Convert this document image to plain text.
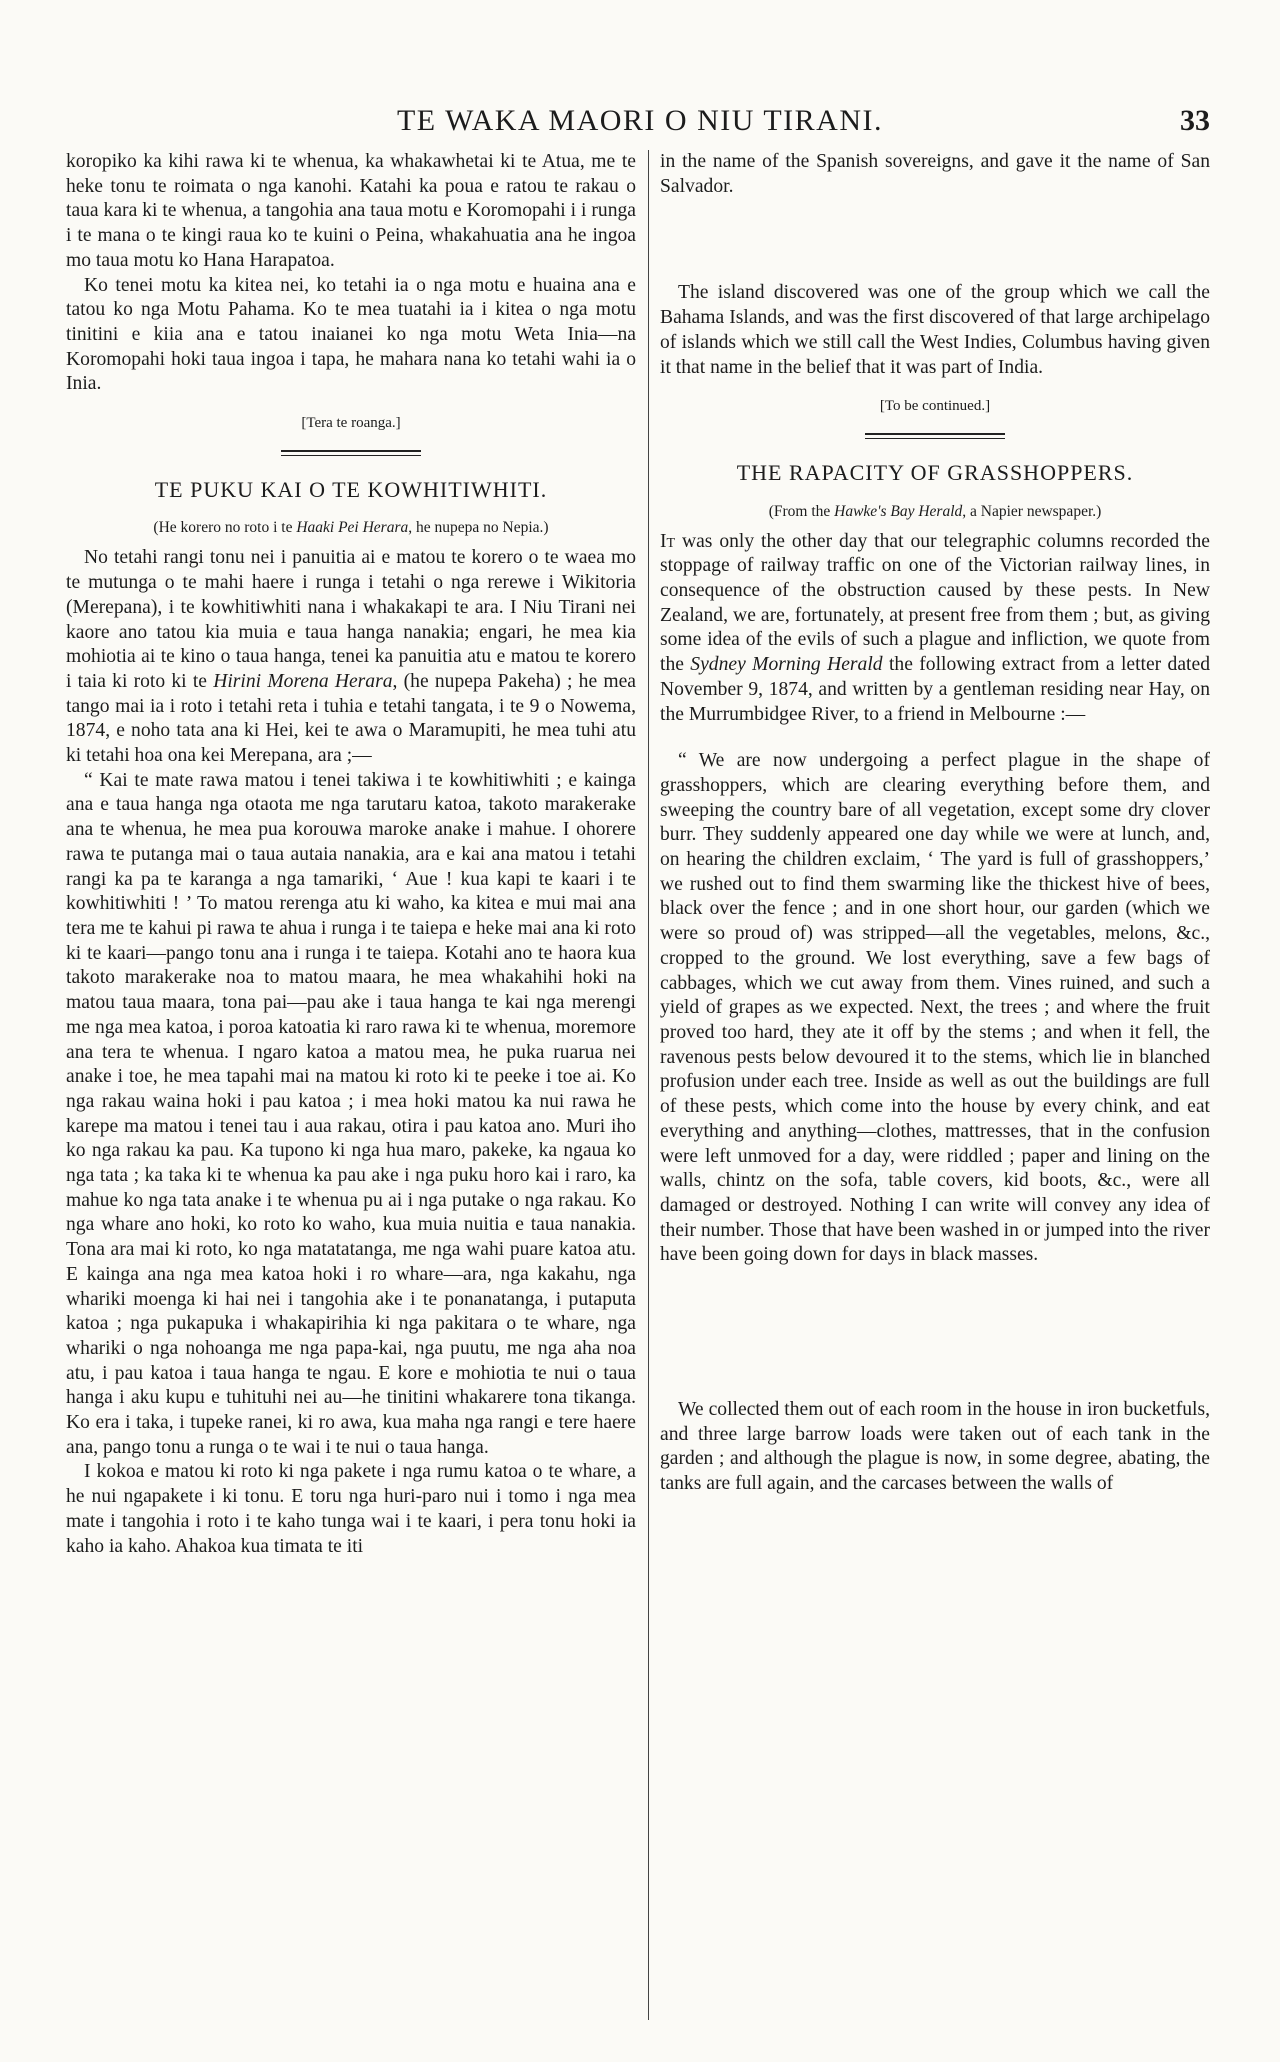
TE WAKA MAORI O NIU TIRANI.	33

koropiko ka kihi rawa ki te whenua, ka whakawhetai ki te Atua, me te heke tonu te roimata o nga kanohi. Katahi ka poua e ratou te rakau o taua kara ki te whenua, a tangohia ana taua motu e Koromopahi i i runga i te mana o te kingi raua ko te kuini o Peina, whakahuatia ana he ingoa mo taua motu ko Hana Harapatoa.

Ko tenei motu ka kitea nei, ko tetahi ia o nga motu e huaina ana e tatou ko nga Motu Pahama. Ko te mea tuatahi ia i kitea o nga motu tinitini e kiia ana e tatou inaianei ko nga motu Weta Inia—na Koromopahi hoki taua ingoa i tapa, he mahara nana ko tetahi wahi ia o Inia.

[Tera te roanga.]
TE PUKU KAI O TE KOWHITIWHITI.
(He korero no roto i te Haaki Pei Herara, he nupepa no Nepia.)

No tetahi rangi tonu nei i panuitia ai e matou te korero o te waea mo te mutunga o te mahi haere i runga i tetahi o nga rerewe i Wikitoria (Merepana), i te kowhitiwhiti nana i whakakapi te ara. I Niu Tirani nei kaore ano tatou kia muia e taua hanga nanakia; engari, he mea kia mohiotia ai te kino o taua hanga, tenei ka panuitia atu e matou te korero i taia ki roto ki te Hirini Morena Herara, (he nupepa Pakeha) ; he mea tango mai ia i roto i tetahi reta i tuhia e tetahi tangata, i te 9 o Nowema, 1874, e noho tata ana ki Hei, kei te awa o Maramupiti, he mea tuhi atu ki tetahi hoa ona kei Merepana, ara ;—

“ Kai te mate rawa matou i tenei takiwa i te kowhitiwhiti ; e kainga ana e taua hanga nga otaota me nga tarutaru katoa, takoto marakerake ana te whenua, he mea pua korouwa maroke anake i mahue. I ohorere rawa te putanga mai o taua autaia nanakia, ara e kai ana matou i tetahi rangi ka pa te karanga a nga tamariki, ‘ Aue ! kua kapi te kaari i te kowhitiwhiti ! ’ To matou rerenga atu ki waho, ka kitea e mui mai ana tera me te kahui pi rawa te ahua i runga i te taiepa e heke mai ana ki roto ki te kaari—pango tonu ana i runga i te taiepa. Kotahi ano te haora kua takoto marakerake noa to matou maara, he mea whakahihi hoki na matou taua maara, tona pai—pau ake i taua hanga te kai nga merengi me nga mea katoa, i poroa katoatia ki raro rawa ki te whenua, moremore ana tera te whenua. I ngaro katoa a matou mea, he puka ruarua nei anake i toe, he mea tapahi mai na matou ki roto ki te peeke i toe ai. Ko nga rakau waina hoki i pau katoa ; i mea hoki matou ka nui rawa he karepe ma matou i tenei tau i aua rakau, otira i pau katoa ano. Muri iho ko nga rakau ka pau. Ka tupono ki nga hua maro, pakeke, ka ngaua ko nga tata ; ka taka ki te whenua ka pau ake i nga puku horo kai i raro, ka mahue ko nga tata anake i te whenua pu ai i nga putake o nga rakau. Ko nga whare ano hoki, ko roto ko waho, kua muia nuitia e taua nanakia. Tona ara mai ki roto, ko nga matatatanga, me nga wahi puare katoa atu. E kainga ana nga mea katoa hoki i ro whare—ara, nga kakahu, nga whariki moenga ki hai nei i tangohia ake i te ponanatanga, i putaputa katoa ; nga pukapuka i whakapirihia ki nga pakitara o te whare, nga whariki o nga nohoanga me nga papa-kai, nga puutu, me nga aha noa atu, i pau katoa i taua hanga te ngau. E kore e mohiotia te nui o taua hanga i aku kupu e tuhituhi nei au—he tinitini whakarere tona tikanga. Ko era i taka, i tupeke ranei, ki ro awa, kua maha nga rangi e tere haere ana, pango tonu a runga o te wai i te nui o taua hanga.

I kokoa e matou ki roto ki nga pakete i nga rumu katoa o te whare, a he nui ngapakete i ki tonu. E toru nga huri-paro nui i tomo i nga mea mate i tangohia i roto i te kaho tunga wai i te kaari, i pera tonu hoki ia kaho ia kaho. Ahakoa kua timata te iti

in the name of the Spanish sovereigns, and gave it the name of San Salvador.

The island discovered was one of the group which we call the Bahama Islands, and was the first discovered of that large archipelago of islands which we still call the West Indies, Columbus having given it that name in the belief that it was part of India.

[To be continued.]
THE RAPACITY OF GRASSHOPPERS.
(From the Hawke's Bay Herald, a Napier newspaper.)

It was only the other day that our telegraphic columns recorded the stoppage of railway traffic on one of the Victorian railway lines, in consequence of the obstruction caused by these pests. In New Zealand, we are, fortunately, at present free from them ; but, as giving some idea of the evils of such a plague and infliction, we quote from the Sydney Morning Herald the following extract from a letter dated November 9, 1874, and written by a gentleman residing near Hay, on the Murrumbidgee River, to a friend in Melbourne :—

“ We are now undergoing a perfect plague in the shape of grasshoppers, which are clearing everything before them, and sweeping the country bare of all vegetation, except some dry clover burr. They suddenly appeared one day while we were at lunch, and, on hearing the children exclaim, ‘ The yard is full of grasshoppers,’ we rushed out to find them swarming like the thickest hive of bees, black over the fence ; and in one short hour, our garden (which we were so proud of) was stripped—all the vegetables, melons, &c., cropped to the ground. We lost everything, save a few bags of cabbages, which we cut away from them. Vines ruined, and such a yield of grapes as we expected. Next, the trees ; and where the fruit proved too hard, they ate it off by the stems ; and when it fell, the ravenous pests below devoured it to the stems, which lie in blanched profusion under each tree. Inside as well as out the buildings are full of these pests, which come into the house by every chink, and eat everything and anything—clothes, mattresses, that in the confusion were left unmoved for a day, were riddled ; paper and lining on the walls, chintz on the sofa, table covers, kid boots, &c., were all damaged or destroyed. Nothing I can write will convey any idea of their number. Those that have been washed in or jumped into the river have been going down for days in black masses.

We collected them out of each room in the house in iron bucketfuls, and three large barrow loads were taken out of each tank in the garden ; and although the plague is now, in some degree, abating, the tanks are full again, and the carcases between the walls of
